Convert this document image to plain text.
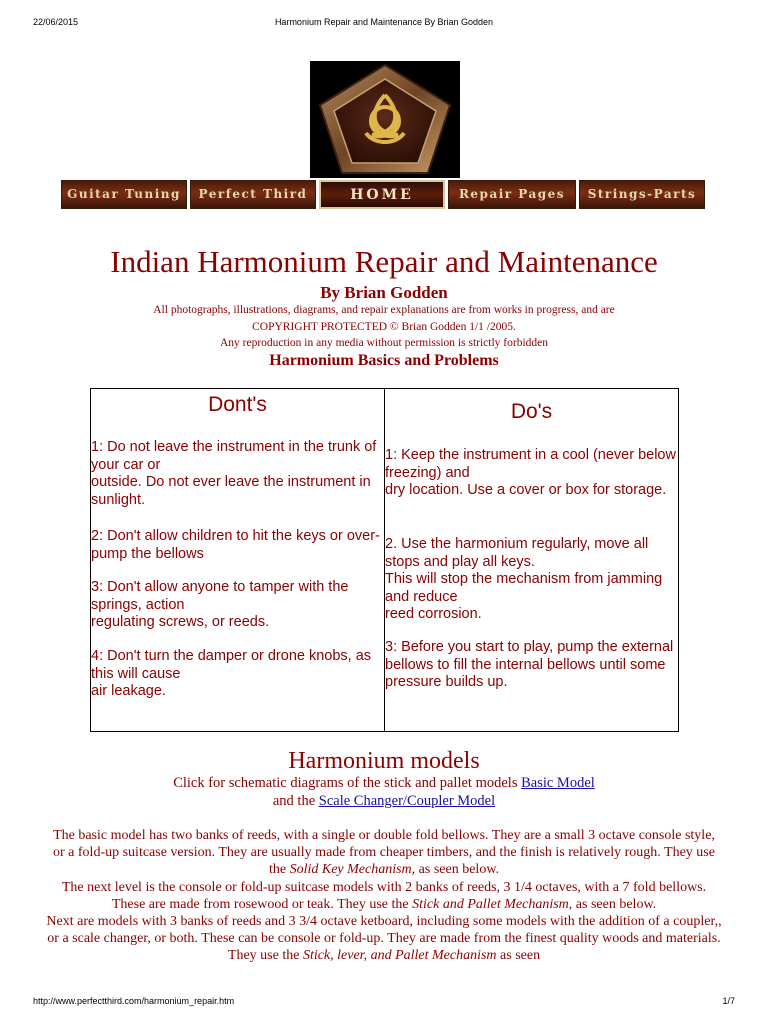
22/06/2015	Harmonium Repair and Maintenance By Brian Godden
Guitar Tuning	Perfect Third	HOME	Repair Pages	Strings-Parts
Indian Harmonium Repair and Maintenance
By Brian Godden
All photographs, illustrations, diagrams, and repair explanations are from works in progress, and are
COPYRIGHT PROTECTED © Brian Godden 1/1 /2005.
Any reproduction in any media without permission is strictly forbidden
Harmonium Basics and Problems
Dont's
1: Do not leave the instrument in the trunk of your car or
outside. Do not ever leave the instrument in sunlight.
2: Don't allow children to hit the keys or over-pump the bellows
3: Don't allow anyone to tamper with the springs, action
regulating screws, or reeds.
4: Don't turn the damper or drone knobs, as this will cause
air leakage.
Do's
1: Keep the instrument in a cool (never below freezing) and
dry location. Use a cover or box for storage.
2. Use the harmonium regularly, move all stops and play all keys.
This will stop the mechanism from jamming and reduce
reed corrosion.
3: Before you start to play, pump the external bellows to fill the internal bellows until some pressure builds up.
Harmonium models
Click for schematic diagrams of the stick and pallet models Basic Model
and the Scale Changer/Coupler Model
The basic model has two banks of reeds, with a single or double fold bellows. They are a small 3 octave console style, or a fold-up suitcase version. They are usually made from cheaper timbers, and the finish is relatively rough. They use the Solid Key Mechanism, as seen below.
The next level is the console or fold-up suitcase models with 2 banks of reeds, 3 1/4 octaves, with a 7 fold bellows. These are made from rosewood or teak. They use the Stick and Pallet Mechanism, as seen below.
Next are models with 3 banks of reeds and 3 3/4 octave ketboard, including some models with the addition of a coupler,, or a scale changer, or both. These can be console or fold-up. They are made from the finest quality woods and materials. They use the Stick, lever, and Pallet Mechanism as seen
http://www.perfectthird.com/harmonium_repair.htm	1/7
